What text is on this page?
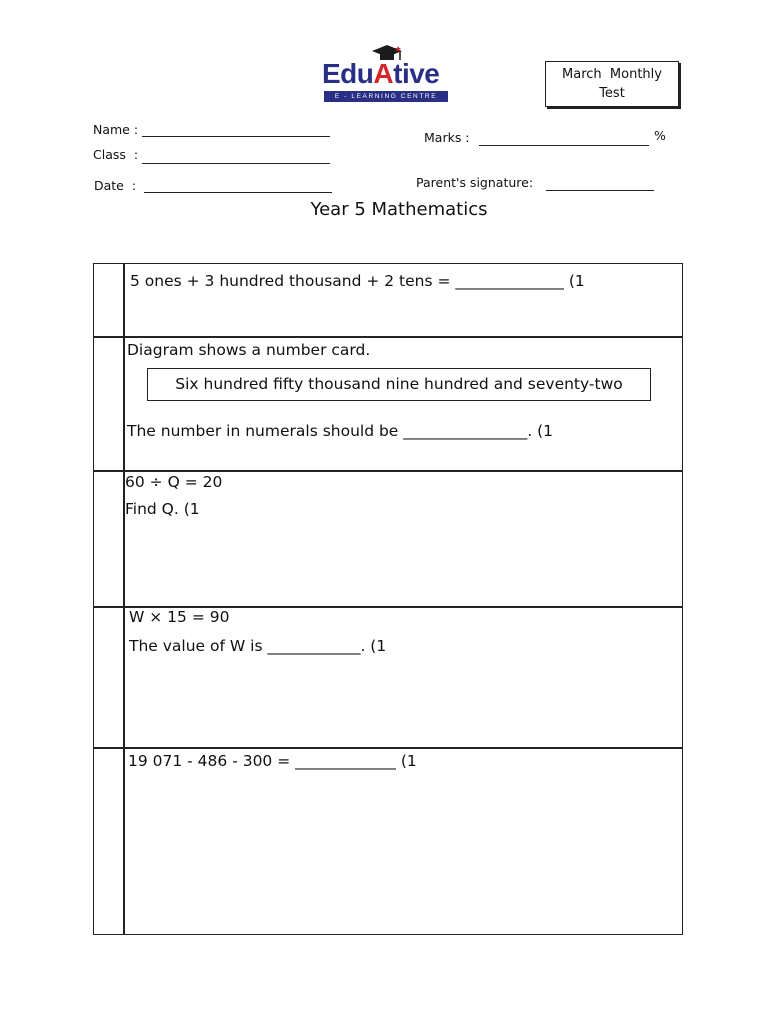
EduAtive
E - LEARNING CENTRE
March  Monthly
Test
Name :
Class  :
Date  :
Marks :	%
Parent's signature:
Year 5 Mathematics
5 ones + 3 hundred thousand + 2 tens = ______________ (1
Diagram shows a number card.
Six hundred fifty thousand nine hundred and seventy-two
The number in numerals should be ________________. (1
60 ÷ Q = 20
Find Q. (1
W × 15 = 90
The value of W is ____________. (1
19 071 - 486 - 300 = _____________ (1
